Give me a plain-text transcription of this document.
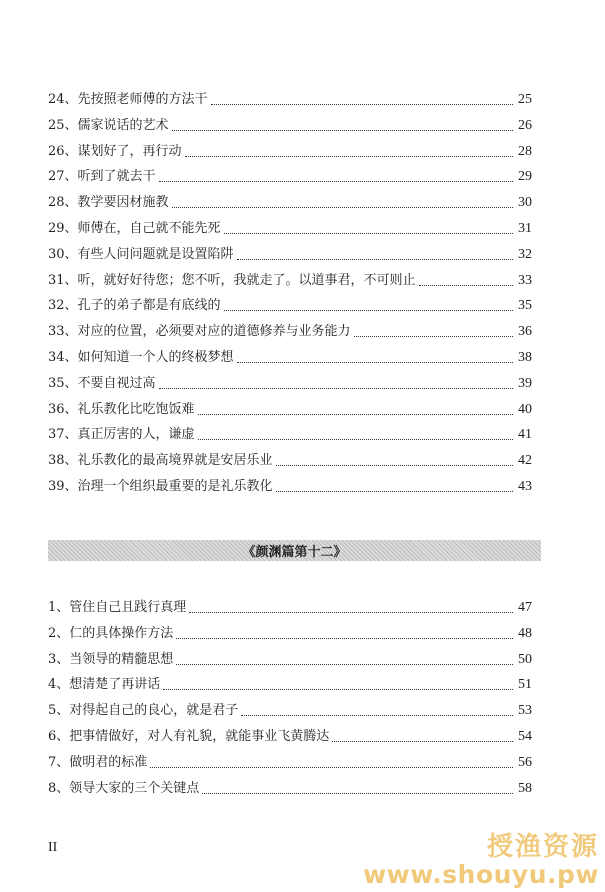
24、先按照老师傅的方法干	25
25、儒家说话的艺术	26
26、谋划好了，再行动	28
27、听到了就去干	29
28、教学要因材施教	30
29、师傅在，自己就不能先死	31
30、有些人问问题就是设置陷阱	32
31、听，就好好待您；您不听，我就走了。以道事君，不可则止	33
32、孔子的弟子都是有底线的	35
33、对应的位置，必须要对应的道德修养与业务能力	36
34、如何知道一个人的终极梦想	38
35、不要自视过高	39
36、礼乐教化比吃饱饭难	40
37、真正厉害的人，谦虚	41
38、礼乐教化的最高境界就是安居乐业	42
39、治理一个组织最重要的是礼乐教化	43
《颜渊篇第十二》
1、管住自己且践行真理	47
2、仁的具体操作方法	48
3、当领导的精髓思想	50
4、想清楚了再讲话	51
5、对得起自己的良心，就是君子	53
6、把事情做好，对人有礼貌，就能事业飞黄腾达	54
7、做明君的标准	56
8、领导大家的三个关键点	58
II	授渔资源
www.shouyu.pw
